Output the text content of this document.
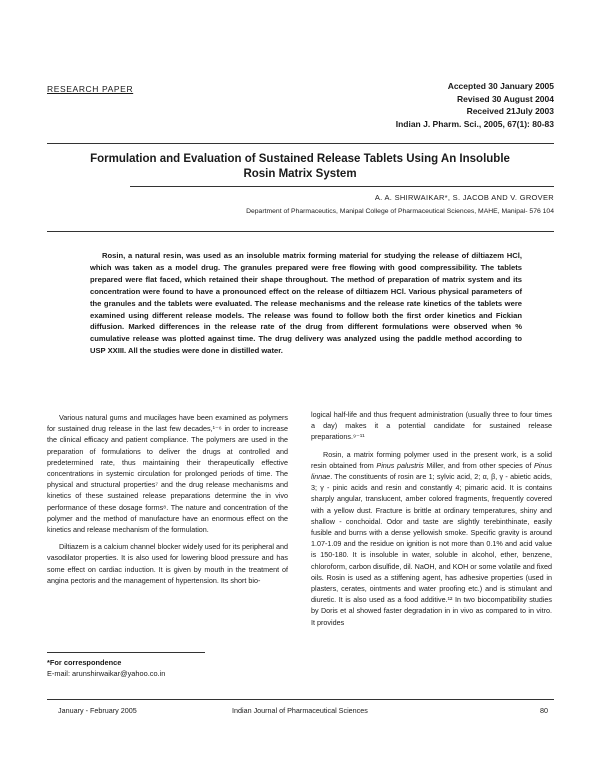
RESEARCH PAPER	Accepted 30 January 2005
Revised 30 August 2004
Received 21July 2003
Indian J. Pharm. Sci., 2005, 67(1): 80-83
Formulation and Evaluation of Sustained Release Tablets Using An Insoluble
Rosin Matrix System
A. A. SHIRWAIKAR*, S. JACOB AND V. GROVER
Department of Pharmaceutics, Manipal College of Pharmaceutical Sciences, MAHE, Manipal- 576 104
Rosin, a natural resin, was used as an insoluble matrix forming material for studying the release of diltiazem HCl, which was taken as a model drug. The granules prepared were free flowing with good compressibility. The tablets prepared were flat faced, which retained their shape throughout. The method of preparation of matrix system and its concentration were found to have a pronounced effect on the release of diltiazem HCl. Various physical parameters of the granules and the tablets were evaluated. The release mechanisms and the release rate kinetics of the tablets were examined using different release models. The release was found to follow both the first order kinetics and Fickian diffusion. Marked differences in the release rate of the drug from different formulations were observed when % cumulative release was plotted against time. The drug delivery was analyzed using the paddle method according to USP XXIII. All the studies were done in distilled water.

Various natural gums and mucilages have been examined as polymers for sustained drug release in the last few decades,¹⁻⁶ in order to increase the clinical efficacy and patient compliance. The polymers are used in the preparation of formulations to deliver the drugs at controlled and predetermined rate, thus maintaining their therapeutically effective concentrations in systemic circulation for prolonged periods of time. The physical and structural properties⁷ and the drug release mechanisms and kinetics of these sustained release preparations determine the in vivo performance of these dosage forms⁸. The nature and concentration of the polymer and the method of manufacture have an enormous effect on the kinetics and release mechanism of the formulation.

Diltiazem is a calcium channel blocker widely used for its peripheral and vasodilator properties. It is also used for lowering blood pressure and has some effect on cardiac induction. It is given by mouth in the treatment of angina pectoris and the management of hypertension. Its short bio-

*For correspondence
E-mail: arunshirwaikar@yahoo.co.in

logical half-life and thus frequent administration (usually three to four times a day) makes it a potential candidate for sustained release preparations.⁹⁻¹¹

Rosin, a matrix forming polymer used in the present work, is a solid resin obtained from Pinus palustris Miller, and from other species of Pinus linnae. The constituents of rosin are 1; sylvic acid, 2; α, β, γ - abietic acids, 3; γ - pinic acids and resin and constantly 4; pimaric acid. It is contains sharply angular, translucent, amber colored fragments, frequently covered with a yellow dust. Fracture is brittle at ordinary temperatures, shiny and shallow - conchoidal. Odor and taste are slightly terebinthinate, easily fusible and burns with a dense yellowish smoke. Specific gravity is around 1.07-1.09 and the residue on ignition is not more than 0.1% and acid value is 150-180. It is insoluble in water, soluble in alcohol, ether, benzene, chloroform, carbon disulfide, dil. NaOH, and KOH or some volatile and fixed oils. Rosin is used as a stiffening agent, has adhesive properties (used in plasters, cerates, ointments and water proofing etc.) and is stimulant and diuretic. It is also used as a food additive.¹² In two biocompatibility studies by Doris et al showed faster degradation in in vivo as compared to in vitro. It provides

January - February 2005	Indian Journal of Pharmaceutical Sciences	80
